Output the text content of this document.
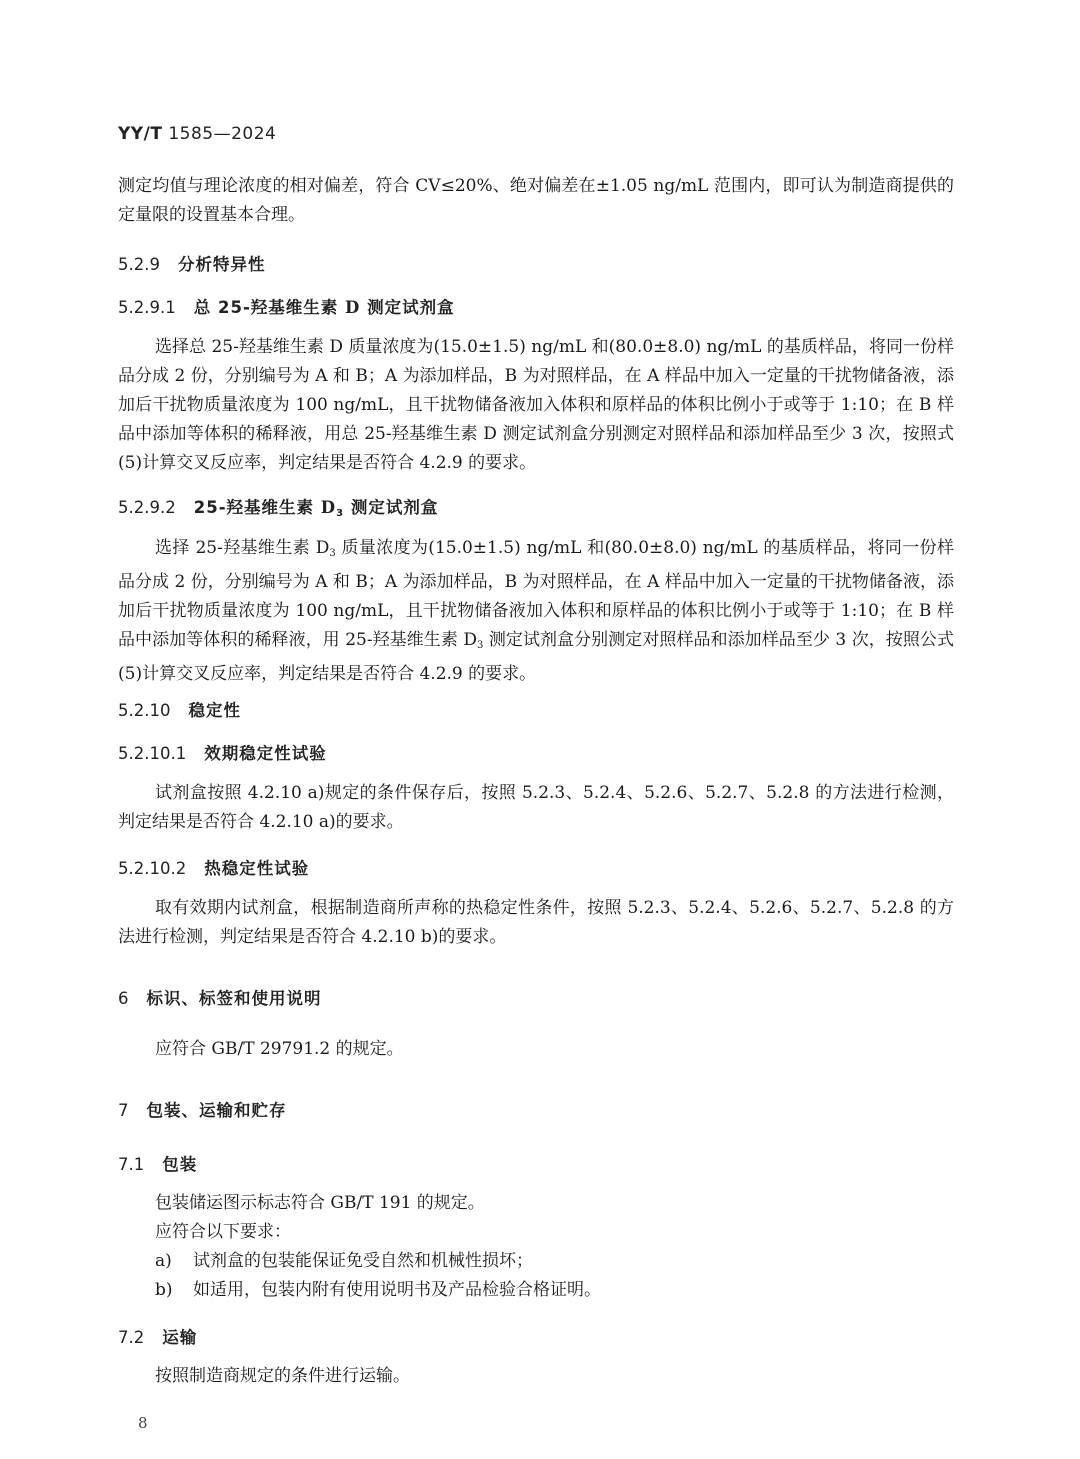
YY/T 1585—2024
测定均值与理论浓度的相对偏差，符合 CV≤20%、绝对偏差在±1.05 ng/mL 范围内，即可认为制造商提供的定量限的设置基本合理。
5.2.9 分析特异性
5.2.9.1 总 25-羟基维生素 D 测定试剂盒
选择总 25-羟基维生素 D 质量浓度为(15.0±1.5) ng/mL 和(80.0±8.0) ng/mL 的基质样品，将同一份样品分成 2 份，分别编号为 A 和 B；A 为添加样品，B 为对照样品，在 A 样品中加入一定量的干扰物储备液，添加后干扰物质量浓度为 100 ng/mL，且干扰物储备液加入体积和原样品的体积比例小于或等于 1:10；在 B 样品中添加等体积的稀释液，用总 25-羟基维生素 D 测定试剂盒分别测定对照样品和添加样品至少 3 次，按照式(5)计算交叉反应率，判定结果是否符合 4.2.9 的要求。
5.2.9.2 25-羟基维生素 $D_3$ 测定试剂盒
选择 25-羟基维生素 $D_3$ 质量浓度为(15.0±1.5) ng/mL 和(80.0±8.0) ng/mL 的基质样品，将同一份样品分成 2 份，分别编号为 A 和 B；A 为添加样品，B 为对照样品，在 A 样品中加入一定量的干扰物储备液，添加后干扰物质量浓度为 100 ng/mL，且干扰物储备液加入体积和原样品的体积比例小于或等于 1:10；在 B 样品中添加等体积的稀释液，用 25-羟基维生素 $D_3$ 测定试剂盒分别测定对照样品和添加样品至少 3 次，按照公式(5)计算交叉反应率，判定结果是否符合 4.2.9 的要求。
5.2.10 稳定性
5.2.10.1 效期稳定性试验
试剂盒按照 4.2.10 a)规定的条件保存后，按照 5.2.3、5.2.4、5.2.6、5.2.7、5.2.8 的方法进行检测，判定结果是否符合 4.2.10 a)的要求。
5.2.10.2 热稳定性试验
取有效期内试剂盒，根据制造商所声称的热稳定性条件，按照 5.2.3、5.2.4、5.2.6、5.2.7、5.2.8 的方法进行检测，判定结果是否符合 4.2.10 b)的要求。
6 标识、标签和使用说明
应符合 GB/T 29791.2 的规定。
7 包装、运输和贮存
7.1 包装
包装储运图示标志符合 GB/T 191 的规定。
应符合以下要求：
a) 试剂盒的包装能保证免受自然和机械性损坏；
b) 如适用，包装内附有使用说明书及产品检验合格证明。
7.2 运输
按照制造商规定的条件进行运输。
8
